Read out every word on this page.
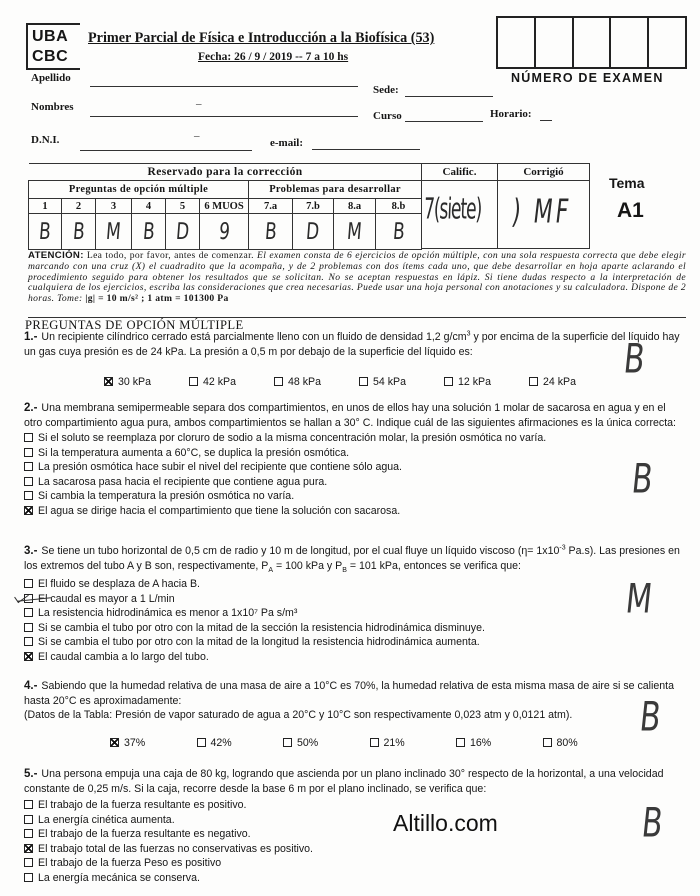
UBA
CBC
Primer Parcial de Física e Introducción a la Biofísica (53)
Fecha: 26 / 9 / 2019 -- 7 a 10 hs
NÚMERO DE EXAMEN
Apellido
Sede:
Nombres	–
Curso	Horario:
D.N.I.	–
e-mail:
Reservado para la corrección									
Preguntas de opción múltiple						Problemas para desarrollar			
1	2	3	4	5	6 MUOS	7.a	7.b	8.a	8.b
B	B	M	B	D	9	B	D	M	B
Calific.
7(siete)
Corrigió
) MF
Tema
A1
ATENCIÓN: Lea todo, por favor, antes de comenzar. El examen consta de 6 ejercicios de opción múltiple, con una sola respuesta correcta que debe elegir marcando con una cruz (X) el cuadradito que la acompaña, y de 2 problemas con dos ítems cada uno, que debe desarrollar en hoja aparte aclarando el procedimiento seguido para obtener los resultados que se solicitan. No se aceptan respuestas en lápiz. Si tiene dudas respecto a la interpretación de cualquiera de los ejercicios, escriba las consideraciones que crea necesarias. Puede usar una hoja personal con anotaciones y su calculadora. Dispone de 2 horas. Tome: |g| = 10 m/s² ; 1 atm = 101300 Pa
PREGUNTAS DE OPCIÓN MÚLTIPLE

1.- Un recipiente cilíndrico cerrado está parcialmente lleno con un fluido de densidad 1,2 $g/cm^3$ y por encima de la superficie del líquido hay un gas cuya presión es de 24 kPa. La presión a 0,5 m por debajo de la superficie del líquido es:

30 kPa	42 kPa	48 kPa	54 kPa	12 kPa	24 kPa

2.- Una membrana semipermeable separa dos compartimientos, en unos de ellos hay una solución 1 molar de sacarosa en agua y en el otro compartimiento agua pura, ambos compartimientos se hallan a 30° C. Indique cuál de las siguientes afirmaciones es la única correcta:

Si el soluto se reemplaza por cloruro de sodio a la misma concentración molar, la presión osmótica no varía.
Si la temperatura aumenta a 60°C, se duplica la presión osmótica.
La presión osmótica hace subir el nivel del recipiente que contiene sólo agua.
La sacarosa pasa hacia el recipiente que contiene agua pura.
Si cambia la temperatura la presión osmótica no varía.
El agua se dirige hacia el compartimiento que tiene la solución con sacarosa.

3.- Se tiene un tubo horizontal de 0,5 cm de radio y 10 m de longitud, por el cual fluye un líquido viscoso ($\eta= 1x10^{-3}$ Pa.s). Las presiones en los extremos del tubo A y B son, respectivamente, $P_A = 100$ kPa y $P_B = 101$ kPa, entonces se verifica que:

El fluido se desplaza de A hacia B.
El caudal es mayor a 1 L/min
La resistencia hidrodinámica es menor a 1x10⁷ Pa s/m³
Si se cambia el tubo por otro con la mitad de la sección la resistencia hidrodinámica disminuye.
Si se cambia el tubo por otro con la mitad de la longitud la resistencia hidrodinámica aumenta.
El caudal cambia a lo largo del tubo.

4.- Sabiendo que la humedad relativa de una masa de aire a 10°C es 70%, la humedad relativa de esta misma masa de aire si se calienta hasta 20°C es aproximadamente:

(Datos de la Tabla: Presión de vapor saturado de agua a 20°C y 10°C son respectivamente 0,023 atm y 0,0121 atm).

37%	42%	50%	21%	16%	80%

5.- Una persona empuja una caja de 80 kg, logrando que ascienda por un plano inclinado 30° respecto de la horizontal, a una velocidad constante de 0,25 m/s. Si la caja, recorre desde la base 6 m por el plano inclinado, se verifica que:

El trabajo de la fuerza resultante es positivo.
La energía cinética aumenta.
El trabajo de la fuerza resultante es negativo.
El trabajo total de las fuerzas no conservativas es positivo.
El trabajo de la fuerza Peso es positivo
La energía mecánica se conserva.
B
B
M
B
B
Altillo.com
